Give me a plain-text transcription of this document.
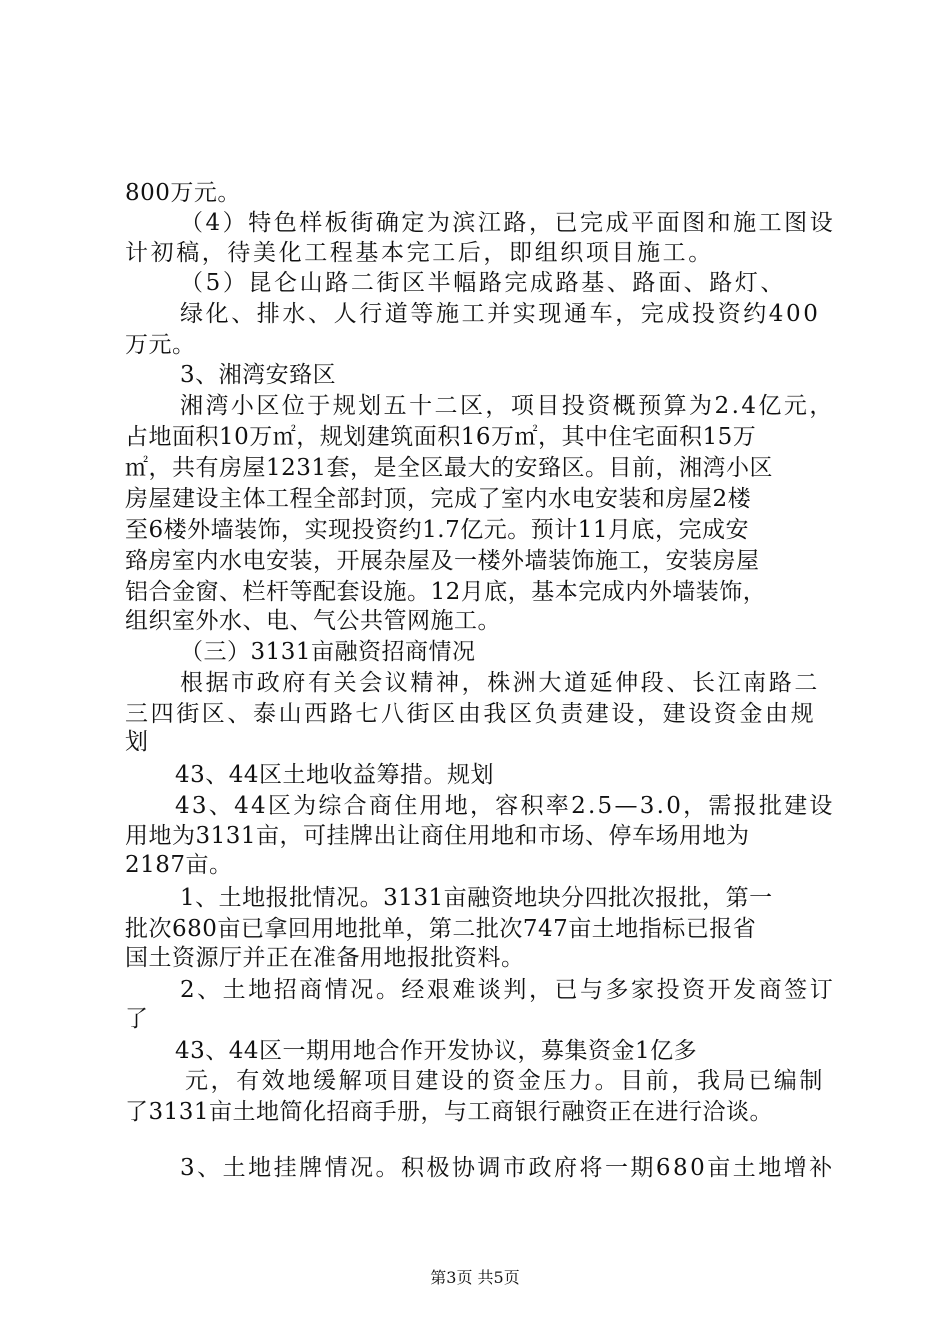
800万元。
（4）特色样板街确定为滨江路，已完成平面图和施工图设
计初稿，待美化工程基本完工后，即组织项目施工。
（5）昆仑山路二街区半幅路完成路基、路面、路灯、
绿化、排水、人行道等施工并实现通车，完成投资约400
万元。
3、湘湾安臵区
湘湾小区位于规划五十二区，项目投资概预算为2.4亿元，
占地面积10万㎡，规划建筑面积16万㎡，其中住宅面积15万
㎡，共有房屋1231套，是全区最大的安臵区。目前，湘湾小区
房屋建设主体工程全部封顶，完成了室内水电安装和房屋2楼
至6楼外墙装饰，实现投资约1.7亿元。预计11月底，完成安
臵房室内水电安装，开展杂屋及一楼外墙装饰施工，安装房屋
铝合金窗、栏杆等配套设施。12月底，基本完成内外墙装饰，
组织室外水、电、气公共管网施工。
（三）3131亩融资招商情况
根据市政府有关会议精神，株洲大道延伸段、长江南路二
三四街区、泰山西路七八街区由我区负责建设，建设资金由规
划
43、44区土地收益筹措。规划
43、44区为综合商住用地，容积率2.5—3.0，需报批建设
用地为3131亩，可挂牌出让商住用地和市场、停车场用地为
2187亩。
1、土地报批情况。3131亩融资地块分四批次报批，第一
批次680亩已拿回用地批单，第二批次747亩土地指标已报省
国土资源厅并正在准备用地报批资料。
2、土地招商情况。经艰难谈判，已与多家投资开发商签订
了
43、44区一期用地合作开发协议，募集资金1亿多
元，有效地缓解项目建设的资金压力。目前，我局已编制
了3131亩土地简化招商手册，与工商银行融资正在进行洽谈。
3、土地挂牌情况。积极协调市政府将一期680亩土地增补
第3页 共5页
